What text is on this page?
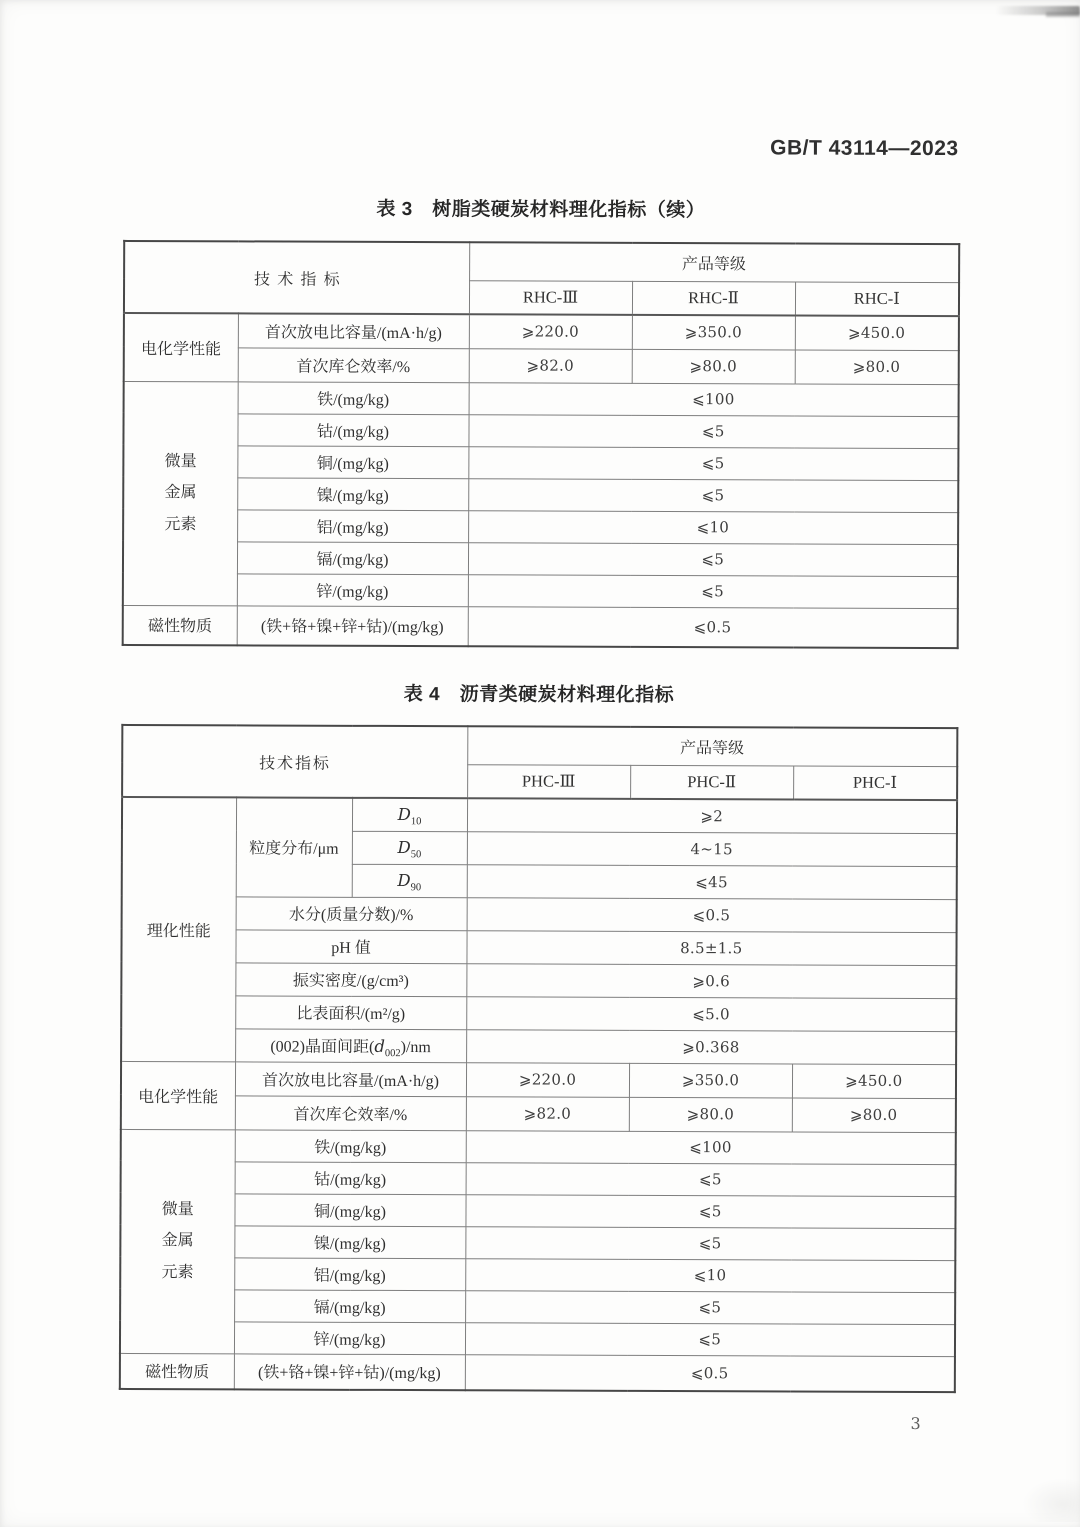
GB/T 43114—2023
表 3　树脂类硬炭材料理化指标（续）
技术指标		产品等级		
		RHC-Ⅲ	RHC-Ⅱ	RHC-Ⅰ
电化学性能	首次放电比容量/(mA·h/g)	⩾220.0	⩾350.0	⩾450.0
	首次库仑效率/%	⩾82.0	⩾80.0	⩾80.0
微量
金属
元素	铁/(mg/kg)	⩽100		
	钴/(mg/kg)	⩽5		
	铜/(mg/kg)	⩽5		
	镍/(mg/kg)	⩽5		
	铝/(mg/kg)	⩽10		
	镉/(mg/kg)	⩽5		
	锌/(mg/kg)	⩽5		
磁性物质	(铁+铬+镍+锌+钴)/(mg/kg)	⩽0.5		
表 4　沥青类硬炭材料理化指标
技术指标			产品等级		
			PHC-Ⅲ	PHC-Ⅱ	PHC-Ⅰ
理化性能	粒度分布/μm	$D_{10}$	⩾2		
		$D_{50}$	4~15		
		$D_{90}$	⩽45		
	水分(质量分数)/%		⩽0.5		
	pH 值		8.5±1.5		
	振实密度/(g/cm³)		⩾0.6		
	比表面积/(m²/g)		⩽5.0		
	(002)晶面间距$(d_{002})/nm$		⩾0.368		
电化学性能	首次放电比容量/(mA·h/g)		⩾220.0	⩾350.0	⩾450.0
	首次库仑效率/%		⩾82.0	⩾80.0	⩾80.0
微量
金属
元素	铁/(mg/kg)		⩽100		
	钴/(mg/kg)		⩽5		
	铜/(mg/kg)		⩽5		
	镍/(mg/kg)		⩽5		
	铝/(mg/kg)		⩽10		
	镉/(mg/kg)		⩽5		
	锌/(mg/kg)		⩽5		
磁性物质	(铁+铬+镍+锌+钴)/(mg/kg)		⩽0.5		
3
